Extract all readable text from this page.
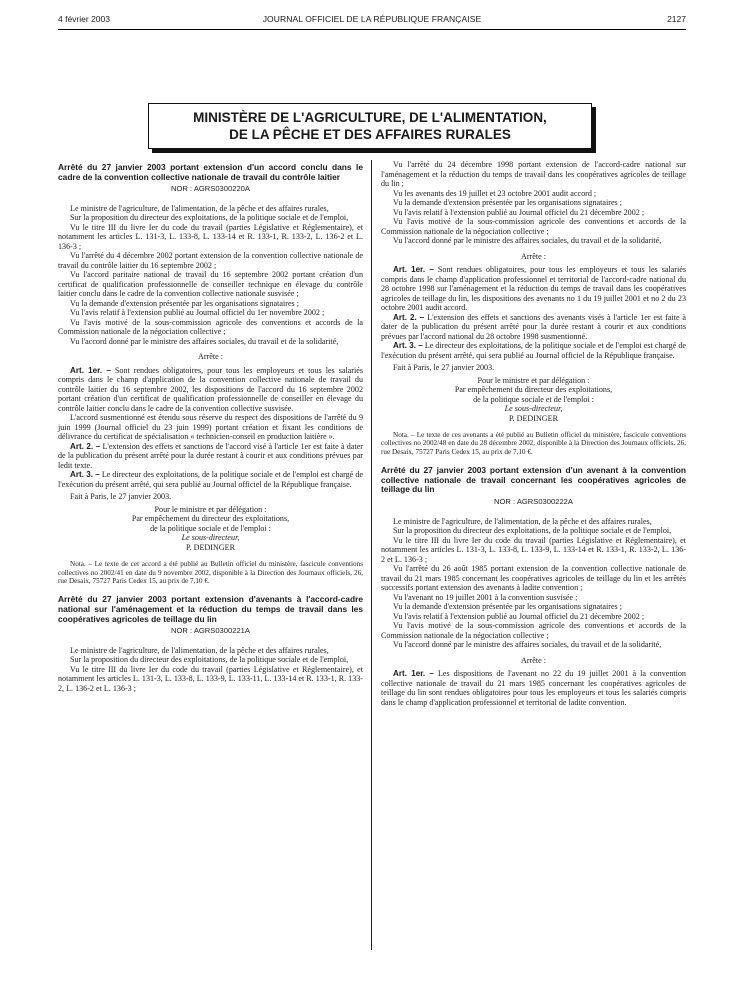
4 février 2003	JOURNAL OFFICIEL DE LA RÉPUBLIQUE FRANÇAISE	2127
MINISTÈRE DE L'AGRICULTURE, DE L'ALIMENTATION,
DE LA PÊCHE ET DES AFFAIRES RURALES

Arrêté du 27 janvier 2003 portant extension d'un accord conclu dans le cadre de la convention collective nationale de travail du contrôle laitier

NOR : AGRS0300220A

Le ministre de l'agriculture, de l'alimentation, de la pêche et des affaires rurales,

Sur la proposition du directeur des exploitations, de la politique sociale et de l'emploi,

Vu le titre III du livre Ier du code du travail (parties Législative et Réglementaire), et notamment les articles L. 131-3, L. 133-8, L. 133-14 et R. 133-1, R. 133-2, L. 136-2 et L. 136-3 ;

Vu l'arrêté du 4 décembre 2002 portant extension de la convention collective nationale de travail du contrôle laitier du 16 septembre 2002 ;

Vu l'accord paritaire national de travail du 16 septembre 2002 portant création d'un certificat de qualification professionnelle de conseiller technique en élevage du contrôle laitier conclu dans le cadre de la convention collective nationale susvisée ;

Vu la demande d'extension présentée par les organisations signataires ;

Vu l'avis relatif à l'extension publié au Journal officiel du 1er novembre 2002 ;

Vu l'avis motivé de la sous-commission agricole des conventions et accords de la Commission nationale de la négociation collective ;

Vu l'accord donné par le ministre des affaires sociales, du travail et de la solidarité,

Arrête :

Art. 1er. – Sont rendues obligatoires, pour tous les employeurs et tous les salariés compris dans le champ d'application de la convention collective nationale de travail du contrôle laitier du 16 septembre 2002, les dispositions de l'accord du 16 septembre 2002 portant création d'un certificat de qualification professionnelle de conseiller en élevage du contrôle laitier conclu dans le cadre de la convention collective susvisée.

L'accord susmentionné est étendu sous réserve du respect des dispositions de l'arrêté du 9 juin 1999 (Journal officiel du 23 juin 1999) portant création et fixant les conditions de délivrance du certificat de spécialisation « technicien-conseil en production laitière ».

Art. 2. – L'extension des effets et sanctions de l'accord visé à l'article 1er est faite à dater de la publication du présent arrêté pour la durée restant à courir et aux conditions prévues par ledit texte.

Art. 3. – Le directeur des exploitations, de la politique sociale et de l'emploi est chargé de l'exécution du présent arrêté, qui sera publié au Journal officiel de la République française.

Fait à Paris, le 27 janvier 2003.

Pour le ministre et par délégation :

Par empêchement du directeur des exploitations,

de la politique sociale et de l'emploi :

Le sous-directeur,

P. DEDINGER

Nota. – Le texte de cet accord a été publié au Bulletin officiel du ministère, fascicule conventions collectives no 2002/41 en date du 9 novembre 2002, disponible à la Direction des Journaux officiels, 26, rue Desaix, 75727 Paris Cedex 15, au prix de 7,10 €.

Arrêté du 27 janvier 2003 portant extension d'avenants à l'accord-cadre national sur l'aménagement et la réduction du temps de travail dans les coopératives agricoles de teillage du lin

NOR : AGRS0300221A

Le ministre de l'agriculture, de l'alimentation, de la pêche et des affaires rurales,

Sur la proposition du directeur des exploitations, de la politique sociale et de l'emploi,

Vu le titre III du livre Ier du code du travail (parties Législative et Réglementaire), et notamment les articles L. 131-3, L. 133-8, L. 133-9, L. 133-11, L. 133-14 et R. 133-1, R. 133-2, L. 136-2 et L. 136-3 ;

Vu l'arrêté du 24 décembre 1998 portant extension de l'accord-cadre national sur l'aménagement et la réduction du temps de travail dans les coopératives agricoles de teillage du lin ;

Vu les avenants des 19 juillet et 23 octobre 2001 audit accord ;

Vu la demande d'extension présentée par les organisations signataires ;

Vu l'avis relatif à l'extension publié au Journal officiel du 21 décembre 2002 ;

Vu l'avis motivé de la sous-commission agricole des conventions et accords de la Commission nationale de la négociation collective ;

Vu l'accord donné par le ministre des affaires sociales, du travail et de la solidarité,

Arrête :

Art. 1er. – Sont rendues obligatoires, pour tous les employeurs et tous les salariés compris dans le champ d'application professionnel et territorial de l'accord-cadre national du 28 octobre 1998 sur l'aménagement et la réduction du temps de travail dans les coopératives agricoles de teillage du lin, les dispositions des avenants no 1 du 19 juillet 2001 et no 2 du 23 octobre 2001 audit accord.

Art. 2. – L'extension des effets et sanctions des avenants visés à l'article 1er est faite à dater de la publication du présent arrêté pour la durée restant à courir et aux conditions prévues par l'accord national du 28 octobre 1998 susmentionné.

Art. 3. – Le directeur des exploitations, de la politique sociale et de l'emploi est chargé de l'exécution du présent arrêté, qui sera publié au Journal officiel de la République française.

Fait à Paris, le 27 janvier 2003.

Pour le ministre et par délégation :

Par empêchement du directeur des exploitations,

de la politique sociale et de l'emploi :

Le sous-directeur,

P. DEDINGER

Nota. – Le texte de ces avenants a été publié au Bulletin officiel du ministère, fascicule conventions collectives no 2002/48 en date du 28 décembre 2002, disponible à la Direction des Journaux officiels, 26, rue Desaix, 75727 Paris Cedex 15, au prix de 7,10 €.

Arrêté du 27 janvier 2003 portant extension d'un avenant à la convention collective nationale de travail concernant les coopératives agricoles de teillage du lin

NOR : AGRS0300222A

Le ministre de l'agriculture, de l'alimentation, de la pêche et des affaires rurales,

Sur la proposition du directeur des exploitations, de la politique sociale et de l'emploi,

Vu le titre III du livre Ier du code du travail (parties Législative et Réglementaire), et notamment les articles L. 131-3, L. 133-8, L. 133-9, L. 133-14 et R. 133-1, R. 133-2, L. 136-2 et L. 136-3 ;

Vu l'arrêté du 26 août 1985 portant extension de la convention collective nationale de travail du 21 mars 1985 concernant les coopératives agricoles de teillage du lin et les arrêtés successifs portant extension des avenants à ladite convention ;

Vu l'avenant no 19 juillet 2001 à la convention susvisée ;

Vu la demande d'extension présentée par les organisations signataires ;

Vu l'avis relatif à l'extension publié au Journal officiel du 21 décembre 2002 ;

Vu l'avis motivé de la sous-commission agricole des conventions et accords de la Commission nationale de la négociation collective ;

Vu l'accord donné par le ministre des affaires sociales, du travail et de la solidarité,

Arrête :

Art. 1er. – Les dispositions de l'avenant no 22 du 19 juillet 2001 à la convention collective nationale de travail du 21 mars 1985 concernant les coopératives agricoles de teillage du lin sont rendues obligatoires pour tous les employeurs et tous les salariés compris dans le champ d'application professionnel et territorial de ladite convention.
